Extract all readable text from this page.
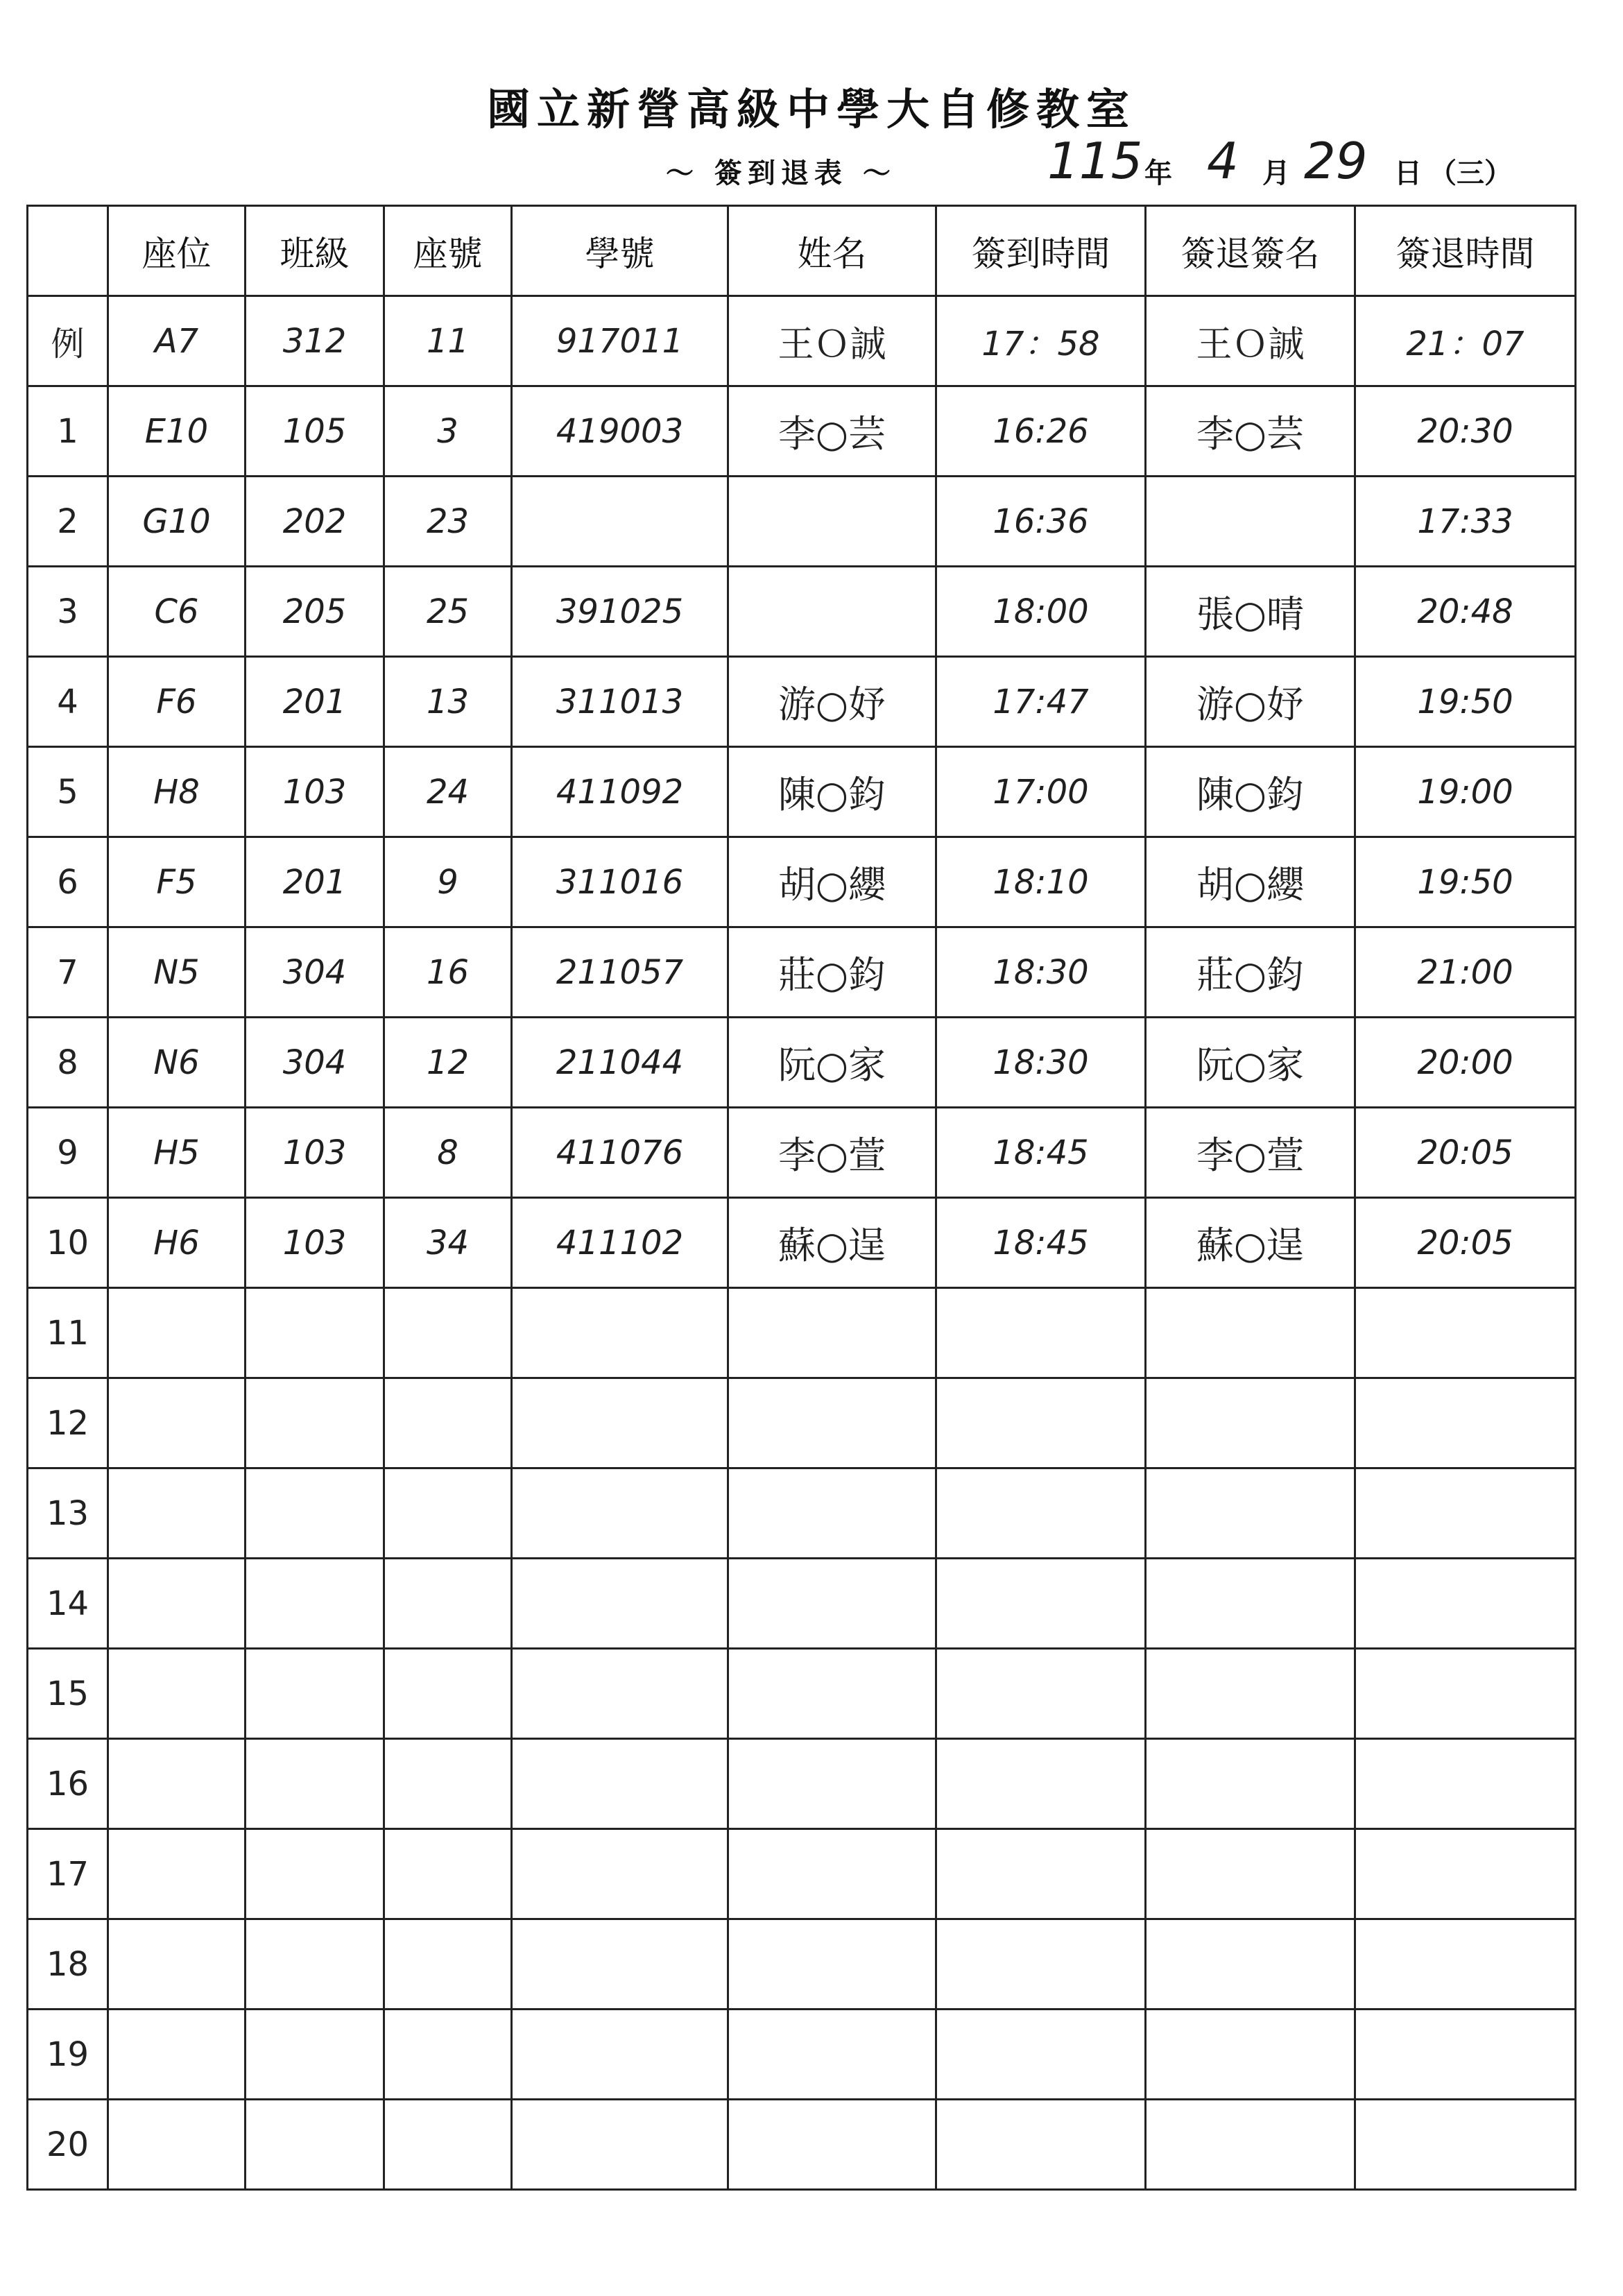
國立新營高級中學大自修教室
～ 簽到退表 ～	115 年 4 月 29 日 （三）
	座位	班級	座號	學號	姓名	簽到時間	簽退簽名	簽退時間
例	A7	312	11	917011	王Ｏ誠	17：58	王Ｏ誠	21：07
1	E10	105	3	419003	李○芸	16:26	李○芸	20:30
2	G10	202	23			16:36		17:33
3	C6	205	25	391025		18:00	張○晴	20:48
4	F6	201	13	311013	游○妤	17:47	游○妤	19:50
5	H8	103	24	411092	陳○鈞	17:00	陳○鈞	19:00
6	F5	201	9	311016	胡○纓	18:10	胡○纓	19:50
7	N5	304	16	211057	莊○鈞	18:30	莊○鈞	21:00
8	N6	304	12	211044	阮○家	18:30	阮○家	20:00
9	H5	103	8	411076	李○萱	18:45	李○萱	20:05
10	H6	103	34	411102	蘇○逞	18:45	蘇○逞	20:05
11								
12								
13								
14								
15								
16								
17								
18								
19								
20								
